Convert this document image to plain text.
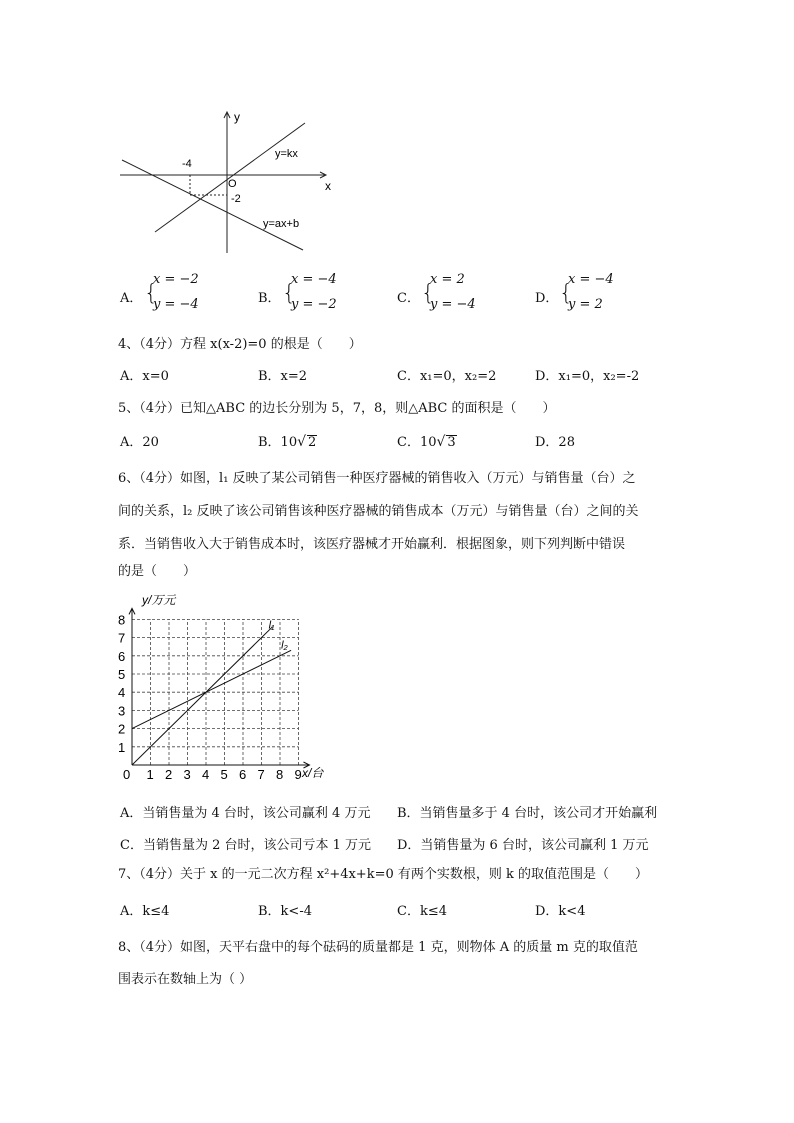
y
x
O
-4
-2
y=kx
y=ax+b
A． {
x = −2
y = −4	B． {
x = −4
y = −2	C． {
x = 2
y = −4	D． {
x = −4
y = 2
4、（4分）方程 x(x-2)=0 的根是（　　）
A．x=0	B．x=2	C．x₁=0，x₂=2	D．x₁=0，x₂=-2
5、（4分）已知△ABC 的边长分别为 5，7，8，则△ABC 的面积是（　　）
A．20	B．10√ 2	C．10√ 3	D．28
6、（4分）如图，l₁ 反映了某公司销售一种医疗器械的销售收入（万元）与销售量（台）之
间的关系，l₂ 反映了该公司销售该种医疗器械的销售成本（万元）与销售量（台）之间的关
系．当销售收入大于销售成本时，该医疗器械才开始赢利．根据图象，则下列判断中错误
的是（　　）
0 1 2 3 4 5 6 7 8 9
1
2
3
4
5
6
7
8	l₁
l₂
y/万元
x/台
A．当销售量为 4 台时，该公司赢利 4 万元 B．当销售量多于 4 台时，该公司才开始赢利
C．当销售量为 2 台时，该公司亏本 1 万元 D．当销售量为 6 台时，该公司赢利 1 万元
7、（4分）关于 x 的一元二次方程 x²+4x+k=0 有两个实数根，则 k 的取值范围是（　　）
A．k≤4	B．k<-4	C．k≤4	D．k<4
8、（4分）如图，天平右盘中的每个砝码的质量都是 1 克，则物体 A 的质量 m 克的取值范
围表示在数轴上为（ ）
